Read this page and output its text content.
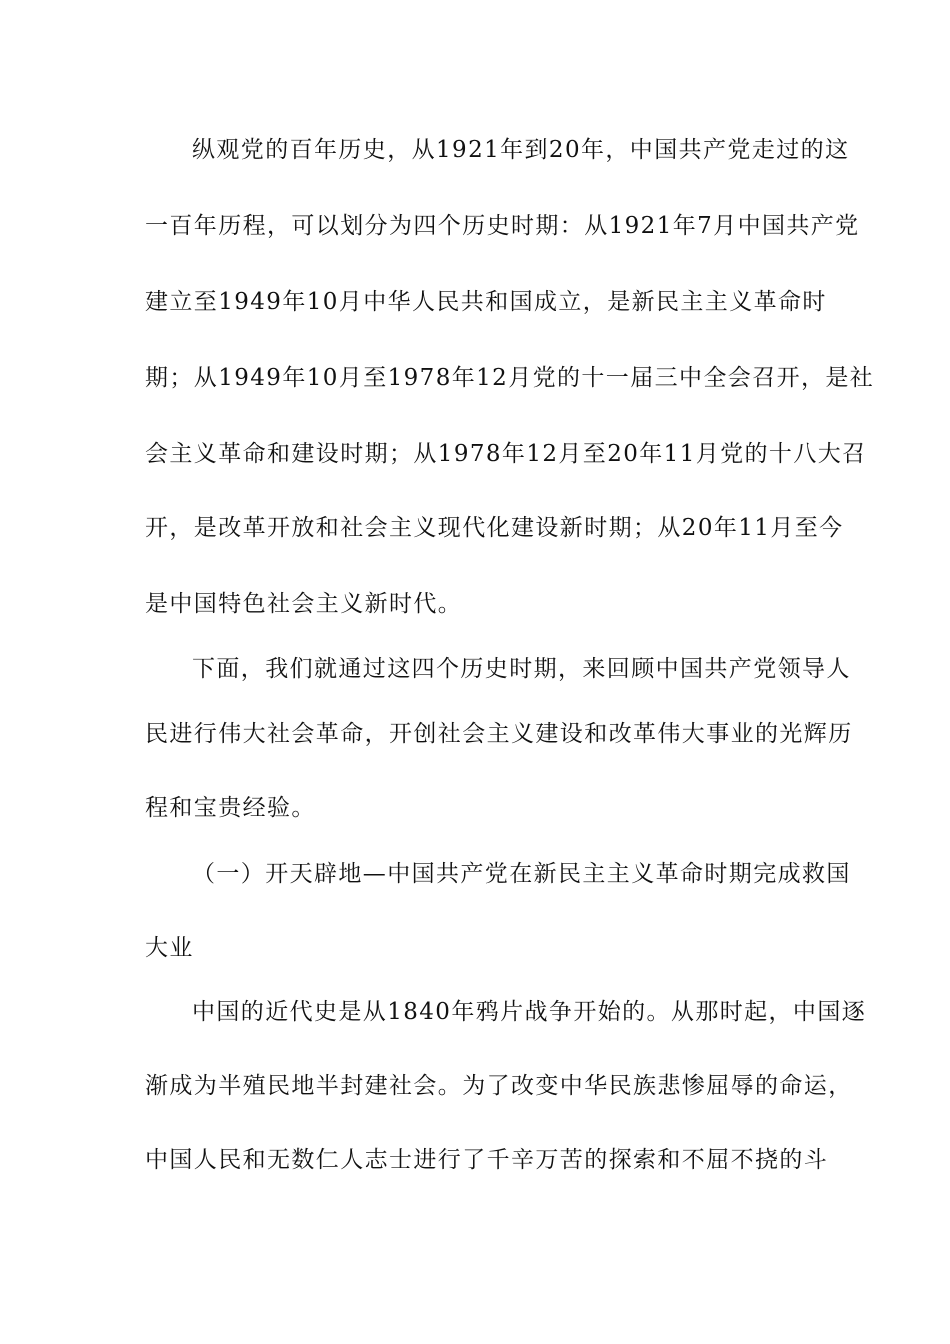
纵观党的百年历史，从1921年到20年，中国共产党走过的这
一百年历程，可以划分为四个历史时期：从1921年7月中国共产党
建立至1949年10月中华人民共和国成立，是新民主主义革命时
期；从1949年10月至1978年12月党的十一届三中全会召开，是社
会主义革命和建设时期；从1978年12月至20年11月党的十八大召
开，是改革开放和社会主义现代化建设新时期；从20年11月至今
是中国特色社会主义新时代。
下面，我们就通过这四个历史时期，来回顾中国共产党领导人
民进行伟大社会革命，开创社会主义建设和改革伟大事业的光辉历
程和宝贵经验。
（一）开天辟地—中国共产党在新民主主义革命时期完成救国
大业
中国的近代史是从1840年鸦片战争开始的。从那时起，中国逐
渐成为半殖民地半封建社会。为了改变中华民族悲惨屈辱的命运，
中国人民和无数仁人志士进行了千辛万苦的探索和不屈不挠的斗
